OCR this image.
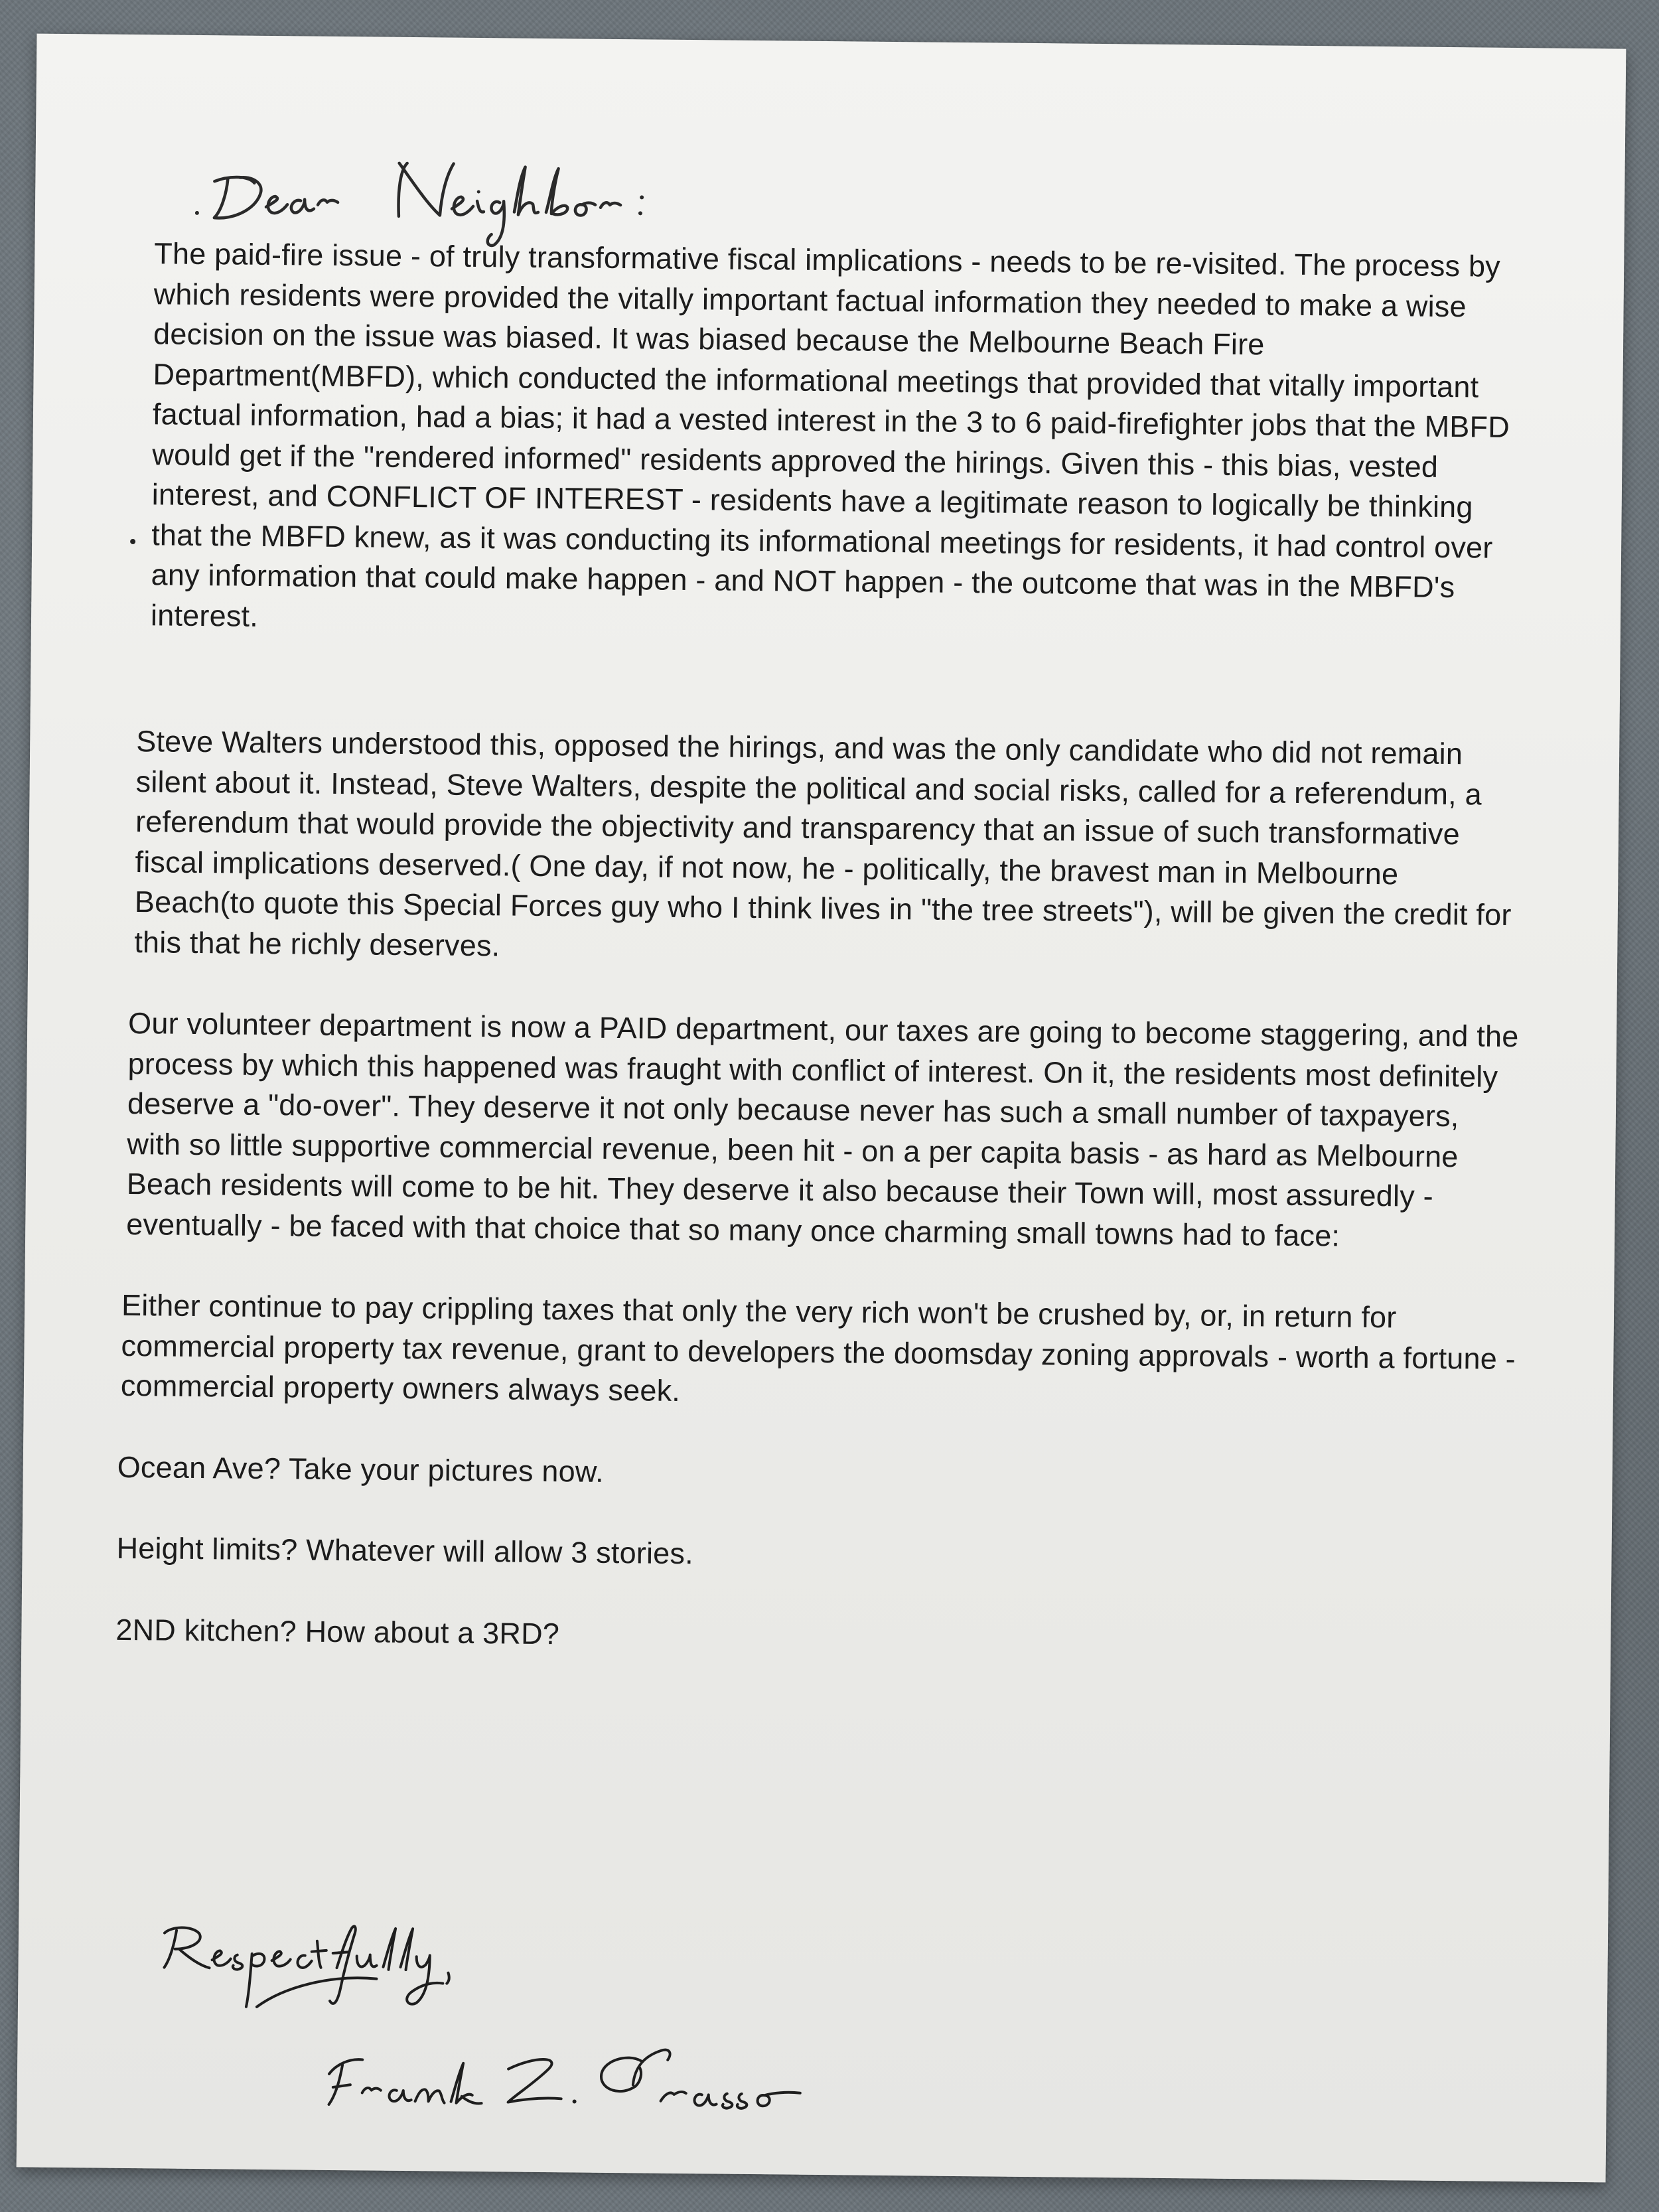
The paid-fire issue - of truly transformative fiscal implications - needs to be re-visited. The process by which residents were provided the vitally important factual information they needed to make a wise decision on the issue was biased. It was biased because the Melbourne Beach Fire Department(MBFD), which conducted the informational meetings that provided that vitally important factual information, had a bias; it had a vested interest in the 3 to 6 paid-firefighter jobs that the MBFD would get if the "rendered informed" residents approved the hirings. Given this - this bias, vested interest, and CONFLICT OF INTEREST - residents have a legitimate reason to logically be thinking that the MBFD knew, as it was conducting its informational meetings for residents, it had control over any information that could make happen - and NOT happen - the outcome that was in the MBFD's interest.

Steve Walters understood this, opposed the hirings, and was the only candidate who did not remain silent about it. Instead, Steve Walters, despite the political and social risks, called for a referendum, a referendum that would provide the objectivity and transparency that an issue of such transformative fiscal implications deserved.( One day, if not now, he - politically, the bravest man in Melbourne Beach(to quote this Special Forces guy who I think lives in "the tree streets"), will be given the credit for this that he richly deserves.

Our volunteer department is now a PAID department, our taxes are going to become staggering, and the process by which this happened was fraught with conflict of interest. On it, the residents most definitely deserve a "do-over". They deserve it not only because never has such a small number of taxpayers, with so little supportive commercial revenue, been hit - on a per capita basis - as hard as Melbourne Beach residents will come to be hit. They deserve it also because their Town will, most assuredly - eventually - be faced with that choice that so many once charming small towns had to face:

Either continue to pay crippling taxes that only the very rich won't be crushed by, or, in return for commercial property tax revenue, grant to developers the doomsday zoning approvals - worth a fortune - commercial property owners always seek.

Ocean Ave? Take your pictures now.

Height limits? Whatever will allow 3 stories.

2ND kitchen? How about a 3RD?
